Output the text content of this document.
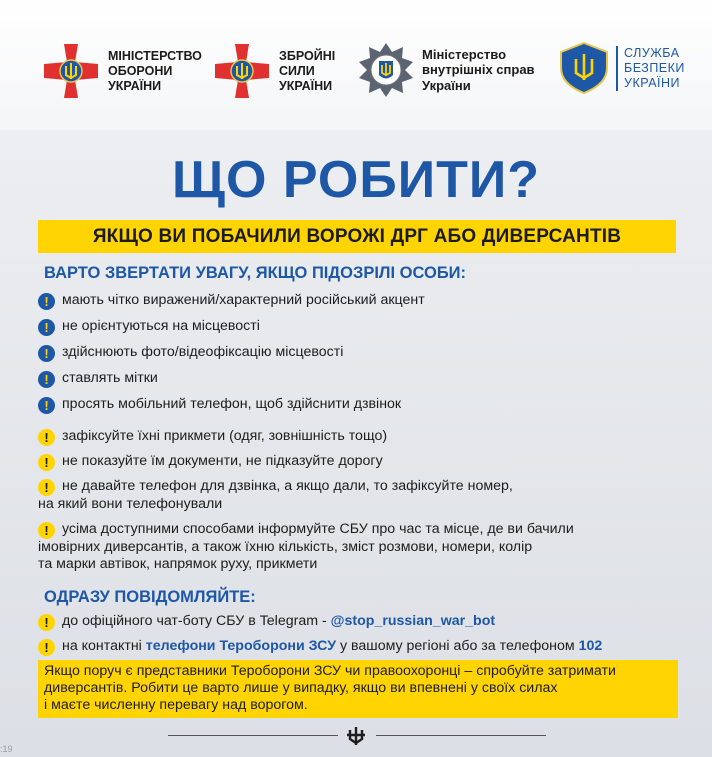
МІНІСТЕРСТВО
ОБОРОНИ
УКРАЇНИ
ЗБРОЙНІ
СИЛИ
УКРАЇНИ
Міністерство
внутрішніх справ
України
СЛУЖБА
БЕЗПЕКИ
УКРАЇНИ
ЩО РОБИТИ?
ЯКЩО ВИ ПОБАЧИЛИ ВОРОЖІ ДРГ АБО ДИВЕРСАНТІВ
ВАРТО ЗВЕРТАТИ УВАГУ, ЯКЩО ПІДОЗРІЛІ ОСОБИ:
! мають чітко виражений/характерний російський акцент
! не орієнтуються на місцевості
! здійснюють фото/відеофіксацію місцевості
! ставлять мітки
! просять мобільний телефон, щоб здійснити дзвінок
! зафіксуйте їхні прикмети (одяг, зовнішність тощо)
! не показуйте їм документи, не підказуйте дорогу
! не давайте телефон для дзвінка, а якщо дали, то зафіксуйте номер,
на який вони телефонували
! усіма доступними способами інформуйте СБУ про час та місце, де ви бачили
імовірних диверсантів, а також їхню кількість, зміст розмови, номери, колір
та марки автівок, напрямок руху, прикмети
ОДРАЗУ ПОВІДОМЛЯЙТЕ:
! до офіційного чат-боту СБУ в Telegram - @stop_russian_war_bot
! на контактні телефони Тероборони ЗСУ у вашому регіоні або за телефоном 102
Якщо поруч є представники Тероборони ЗСУ чи правоохоронці – спробуйте затримати
диверсантів. Робити це варто лише у випадку, якщо ви впевнені у своїх силах
і маєте численну перевагу над ворогом.
:19
